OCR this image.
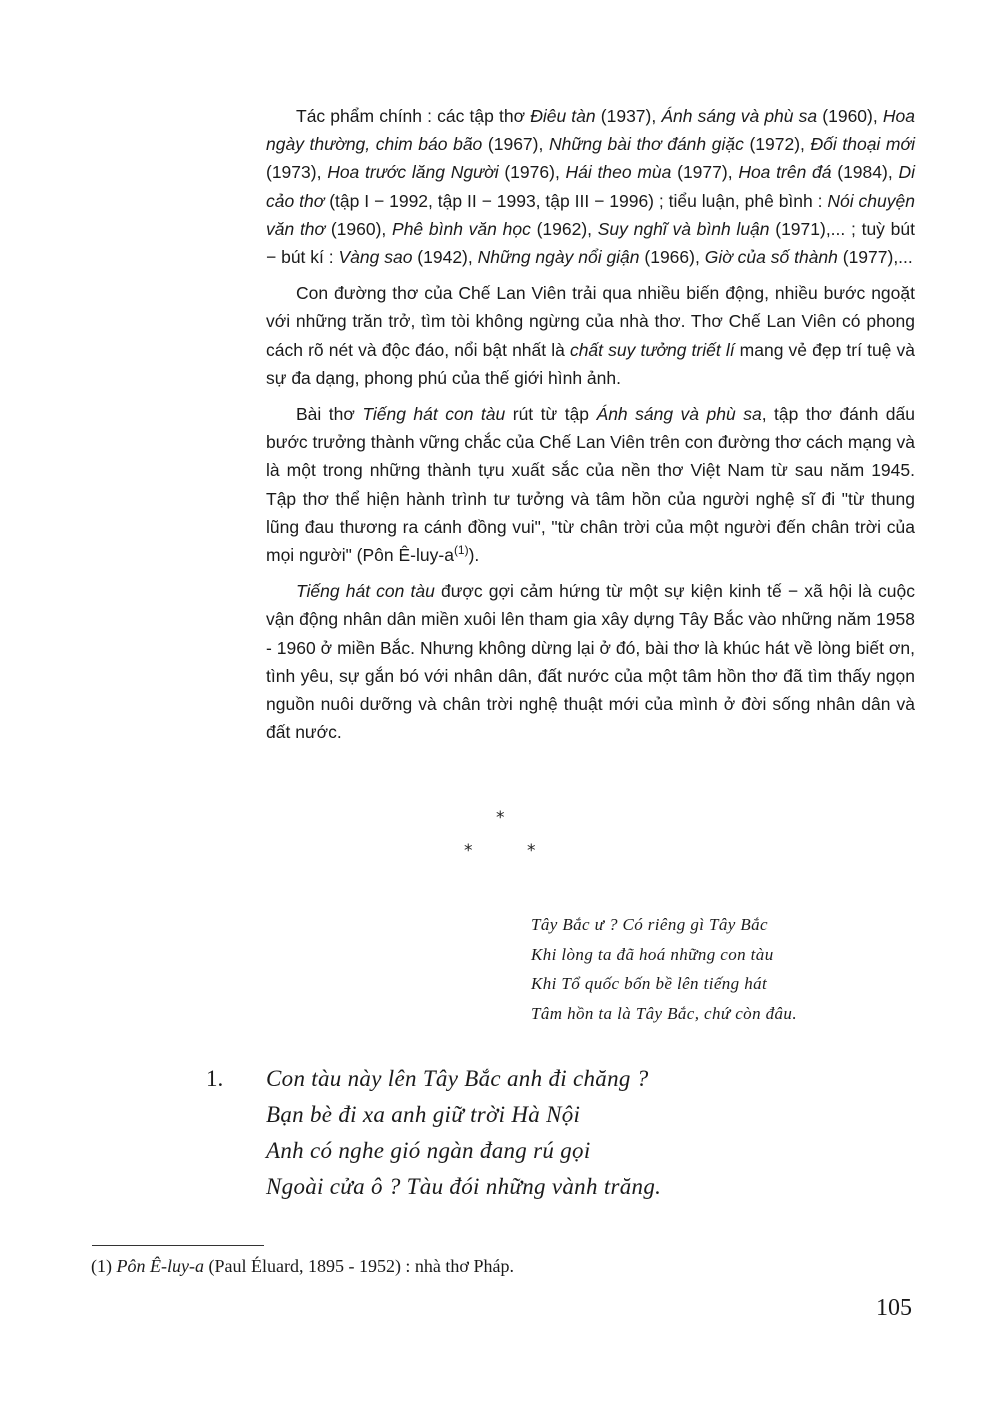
Tác phẩm chính : các tập thơ Điêu tàn (1937), Ánh sáng và phù sa (1960), Hoa ngày thường, chim báo bão (1967), Những bài thơ đánh giặc (1972), Đối thoại mới (1973), Hoa trước lăng Người (1976), Hái theo mùa (1977), Hoa trên đá (1984), Di cảo thơ (tập I − 1992, tập II − 1993, tập III − 1996) ; tiểu luận, phê bình : Nói chuyện văn thơ (1960), Phê bình văn học (1962), Suy nghĩ và bình luận (1971),... ; tuỳ bút − bút kí : Vàng sao (1942), Những ngày nổi giận (1966), Giờ của số thành (1977),...

Con đường thơ của Chế Lan Viên trải qua nhiều biến động, nhiều bước ngoặt với những trăn trở, tìm tòi không ngừng của nhà thơ. Thơ Chế Lan Viên có phong cách rõ nét và độc đáo, nổi bật nhất là chất suy tưởng triết lí mang vẻ đẹp trí tuệ và sự đa dạng, phong phú của thế giới hình ảnh.

Bài thơ Tiếng hát con tàu rút từ tập Ánh sáng và phù sa, tập thơ đánh dấu bước trưởng thành vững chắc của Chế Lan Viên trên con đường thơ cách mạng và là một trong những thành tựu xuất sắc của nền thơ Việt Nam từ sau năm 1945. Tập thơ thể hiện hành trình tư tưởng và tâm hồn của người nghệ sĩ đi "từ thung lũng đau thương ra cánh đồng vui", "từ chân trời của một người đến chân trời của mọi người" (Pôn $Ê-luy-a^{(1)}$).

Tiếng hát con tàu được gợi cảm hứng từ một sự kiện kinh tế − xã hội là cuộc vận động nhân dân miền xuôi lên tham gia xây dựng Tây Bắc vào những năm 1958 - 1960 ở miền Bắc. Nhưng không dừng lại ở đó, bài thơ là khúc hát về lòng biết ơn, tình yêu, sự gắn bó với nhân dân, đất nước của một tâm hồn thơ đã tìm thấy ngọn nguồn nuôi dưỡng và chân trời nghệ thuật mới của mình ở đời sống nhân dân và đất nước.

*
*	*
Tây Bắc ư ? Có riêng gì Tây Bắc
Khi lòng ta đã hoá những con tàu
Khi Tổ quốc bốn bề lên tiếng hát
Tâm hồn ta là Tây Bắc, chứ còn đâu.
1. Con tàu này lên Tây Bắc anh đi chăng ?
Bạn bè đi xa anh giữ trời Hà Nội
Anh có nghe gió ngàn đang rú gọi
Ngoài cửa ô ? Tàu đói những vành trăng.
(1) Pôn Ê-luy-a (Paul Éluard, 1895 - 1952) : nhà thơ Pháp.
105
